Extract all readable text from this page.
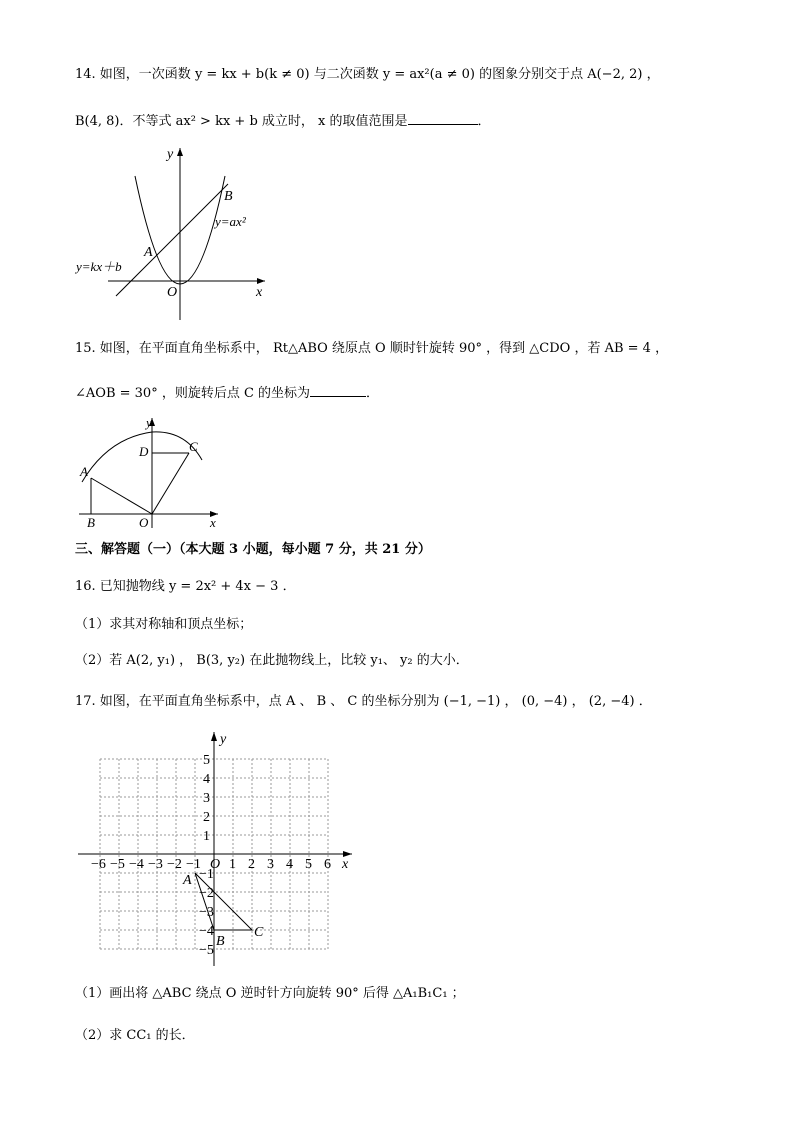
14. 如图，一次函数 y = kx + b(k ≠ 0) 与二次函数 y = ax²(a ≠ 0) 的图象分别交于点 A(−2, 2) ，
B(4, 8)．不等式 ax² > kx + b 成立时， x 的取值范围是	．
y
x
O
A
B
y=ax²
y=kx＋b
15. 如图，在平面直角坐标系中， Rt△ABO 绕原点 O 顺时针旋转 90° ，得到 △CDO ，若 AB = 4 ，
∠AOB = 30° ，则旋转后点 C 的坐标为	．
y
x
O
A
B
C
D
三、解答题（一）（本大题 3 小题，每小题 7 分，共 21 分）
16. 已知抛物线 y = 2x² + 4x − 3 ．
（1）求其对称轴和顶点坐标；
（2）若 A(2, y₁) ， B(3, y₂) 在此抛物线上，比较 y₁、 y₂ 的大小．
17. 如图，在平面直角坐标系中，点 A 、 B 、 C 的坐标分别为 (−1, −1) ， (0, −4) ， (2, −4) ．
−6 −5 −4 −3 −2 −1 O 1 2 3 4 5 6
1
2
3
4
5
−1
−2
−3
−4
−5
y
x
A
B
C
（1）画出将 △ABC 绕点 O 逆时针方向旋转 90° 后得 △A₁B₁C₁ ；
（2）求 CC₁ 的长．
